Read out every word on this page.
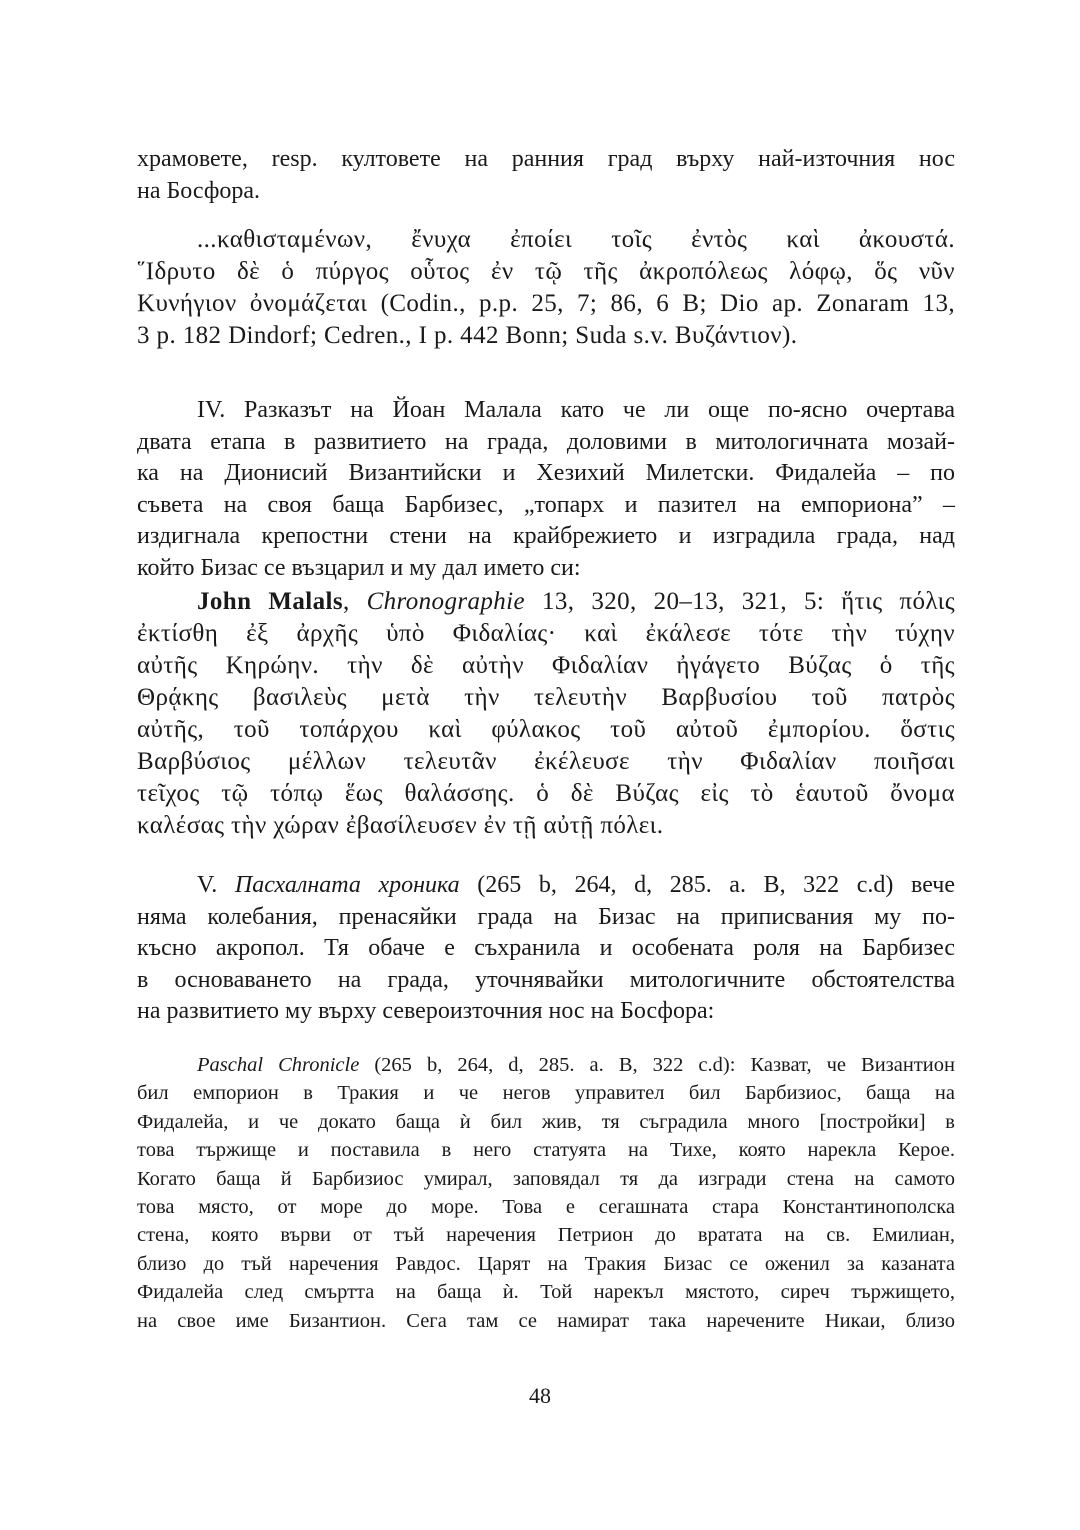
храмовете, resp. култовете на ранния град върху най-източния нос
на Босфора.
...καθισταμένων, ἔνυχα ἐποίει τοῖς ἐντὸς καὶ ἀκουστά.
῞Ιδρυτο δὲ ὁ πύργος οὗτος ἐν τῷ τῆς ἀκροπόλεως λόφῳ, ὅς νῦν
Κυνήγιον ὀνομάζεται (Codin., p.p. 25, 7; 86, 6 B; Dio ap. Zonaram 13,
3 p. 182 Dindorf; Cedren., I p. 442 Bonn; Suda s.v. Βυζάντιον).
IV. Разказът на Йоан Малала като че ли още по-ясно очертава
двата етапа в развитието на града, доловими в митологичната мозай-
ка на Дионисий Византийски и Хезихий Милетски. Фидалейа – по
съвета на своя баща Барбизес, „топарх и пазител на емпориона” –
издигнала крепостни стени на крайбрежието и изградила града, над
който Бизас се възцарил и му дал името си:
John Malals, Chronographie 13, 320, 20–13, 321, 5: ἥτις πόλις
ἐκτίσθη ἐξ ἀρχῆς ὑπὸ Φιδαλίας· καὶ ἐκάλεσε τότε τὴν τύχην
αὐτῆς Κηρώην. τὴν δὲ αὐτὴν Φιδαλίαν ἠγάγετο Βύζας ὁ τῆς
Θρᾴκης βασιλεὺς μετὰ τὴν τελευτὴν Βαρβυσίου τοῦ πατρὸς
αὐτῆς, τοῦ τοπάρχου καὶ φύλακος τοῦ αὐτοῦ ἐμπορίου. ὅστις
Βαρβύσιος μέλλων τελευτᾶν ἐκέλευσε τὴν Φιδαλίαν ποιῆσαι
τεῖχος τῷ τόπῳ ἕως θαλάσσης. ὁ δὲ Βύζας εἰς τὸ ἑαυτοῦ ὄνομα
καλέσας τὴν χώραν ἐβασίλευσεν ἐν τῇ αὐτῇ πόλει.
V. Пасхалната хроника (265 b, 264, d, 285. a. B, 322 c.d) вече
няма колебания, пренасяйки града на Бизас на приписвания му по-
късно акропол. Тя обаче е съхранила и особената роля на Барбизес
в основаването на града, уточнявайки митологичните обстоятелства
на развитието му върху североизточния нос на Босфора:
Paschal Chronicle (265 b, 264, d, 285. a. B, 322 c.d): Казват, че Византион
бил емпорион в Тракия и че негов управител бил Барбизиос, баща на
Фидалейа, и че докато баща ѝ бил жив, тя съградила много [постройки] в
това тържище и поставила в него статуята на Тихе, която нарекла Керое.
Когато баща й Барбизиос умирал, заповядал тя да изгради стена на самото
това място, от море до море. Това е сегашната стара Константинополска
стена, която върви от тъй наречения Петрион до вратата на св. Емилиан,
близо до тъй наречения Равдос. Царят на Тракия Бизас се оженил за казаната
Фидалейа след смъртта на баща ѝ. Той нарекъл мястото, сиреч тържището,
на свое име Бизантион. Сега там се намират така наречените Никаи, близо
48
